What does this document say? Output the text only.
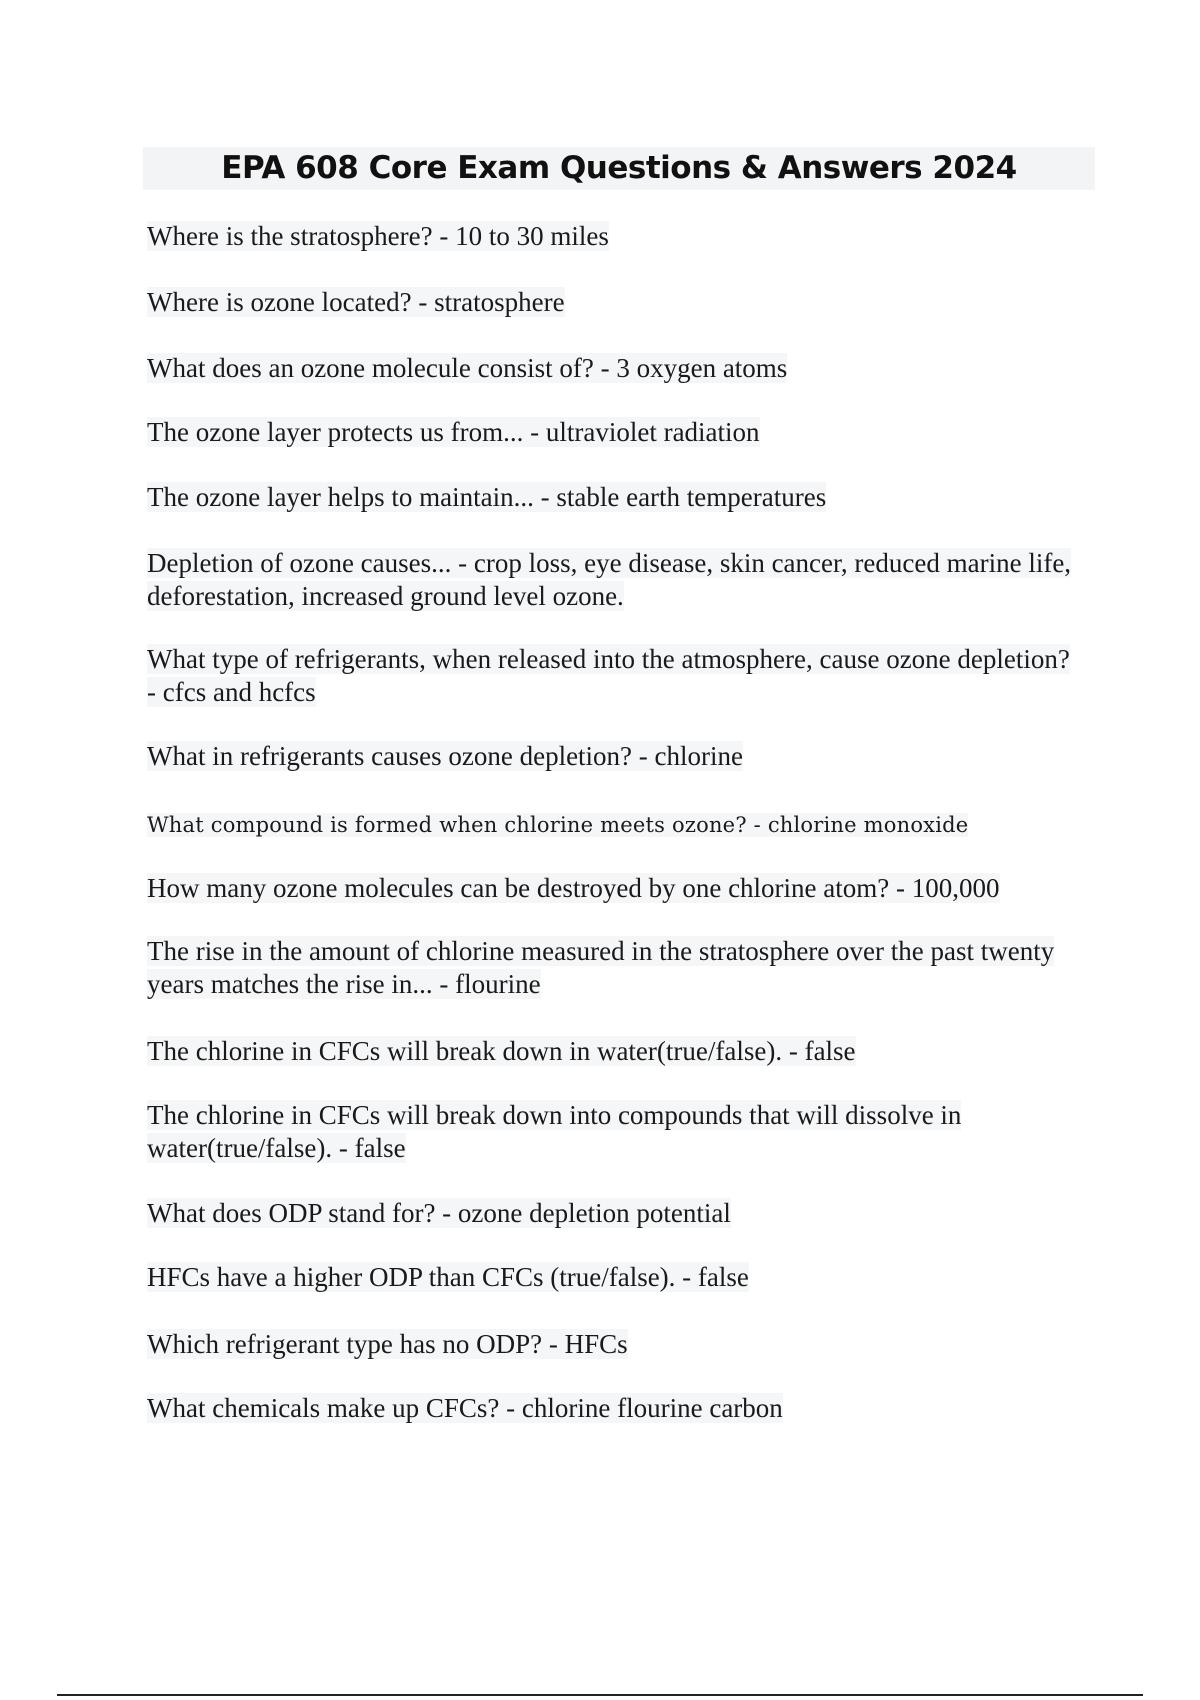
EPA 608 Core Exam Questions & Answers 2024

Where is the stratosphere? - 10 to 30 miles

Where is ozone located? - stratosphere

What does an ozone molecule consist of? - 3 oxygen atoms

The ozone layer protects us from... - ultraviolet radiation

The ozone layer helps to maintain... - stable earth temperatures

Depletion of ozone causes... - crop loss, eye disease, skin cancer, reduced marine life, deforestation, increased ground level ozone.

What type of refrigerants, when released into the atmosphere, cause ozone depletion? - cfcs and hcfcs

What in refrigerants causes ozone depletion? - chlorine

What compound is formed when chlorine meets ozone? - chlorine monoxide

How many ozone molecules can be destroyed by one chlorine atom? - 100,000

The rise in the amount of chlorine measured in the stratosphere over the past twenty years matches the rise in... - flourine

The chlorine in CFCs will break down in water(true/false). - false

The chlorine in CFCs will break down into compounds that will dissolve in water(true/false). - false

What does ODP stand for? - ozone depletion potential

HFCs have a higher ODP than CFCs (true/false). - false

Which refrigerant type has no ODP? - HFCs

What chemicals make up CFCs? - chlorine flourine carbon
